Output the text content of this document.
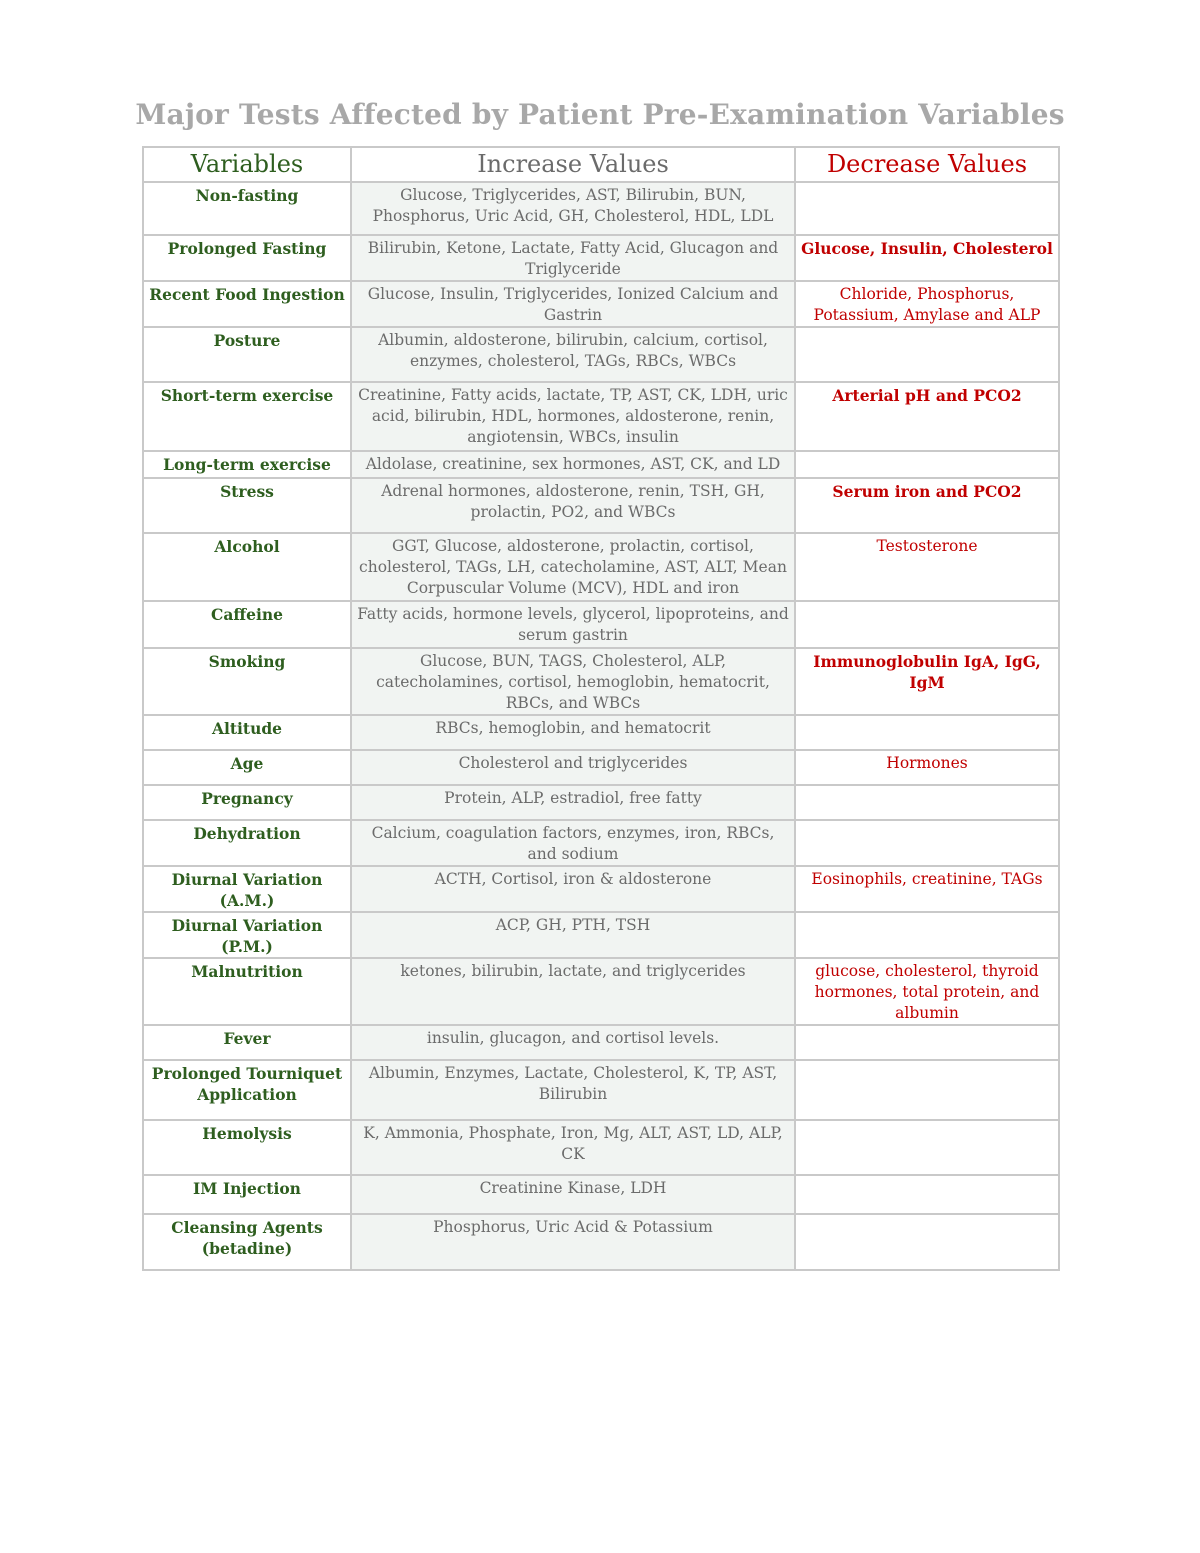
Major Tests Affected by Patient Pre-Examination Variables
Variables	Increase Values	Decrease Values
Non-fasting	Glucose, Triglycerides, AST, Bilirubin, BUN, Phosphorus, Uric Acid, GH, Cholesterol, HDL, LDL	
Prolonged Fasting	Bilirubin, Ketone, Lactate, Fatty Acid, Glucagon and Triglyceride	Glucose, Insulin, Cholesterol
Recent Food Ingestion	Glucose, Insulin, Triglycerides, Ionized Calcium and Gastrin	Chloride, Phosphorus, Potassium, Amylase and ALP
Posture	Albumin, aldosterone, bilirubin, calcium, cortisol, enzymes, cholesterol, TAGs, RBCs, WBCs	
Short-term exercise	Creatinine, Fatty acids, lactate, TP, AST, CK, LDH, uric acid, bilirubin, HDL, hormones, aldosterone, renin, angiotensin, WBCs, insulin	Arterial pH and PCO2
Long-term exercise	Aldolase, creatinine, sex hormones, AST, CK, and LD	
Stress	Adrenal hormones, aldosterone, renin, TSH, GH, prolactin, PO2, and WBCs	Serum iron and PCO2
Alcohol	GGT, Glucose, aldosterone, prolactin, cortisol, cholesterol, TAGs, LH, catecholamine, AST, ALT, Mean Corpuscular Volume (MCV), HDL and iron	Testosterone
Caffeine	Fatty acids, hormone levels, glycerol, lipoproteins, and serum gastrin	
Smoking	Glucose, BUN, TAGS, Cholesterol, ALP, catecholamines, cortisol, hemoglobin, hematocrit, RBCs, and WBCs	Immunoglobulin IgA, IgG, IgM
Altitude	RBCs, hemoglobin, and hematocrit	
Age	Cholesterol and triglycerides	Hormones
Pregnancy	Protein, ALP, estradiol, free fatty	
Dehydration	Calcium, coagulation factors, enzymes, iron, RBCs, and sodium	
Diurnal Variation (A.M.)	ACTH, Cortisol, iron & aldosterone	Eosinophils, creatinine, TAGs
Diurnal Variation (P.M.)	ACP, GH, PTH, TSH	
Malnutrition	ketones, bilirubin, lactate, and triglycerides	glucose, cholesterol, thyroid hormones, total protein, and albumin
Fever	insulin, glucagon, and cortisol levels.	
Prolonged Tourniquet Application	Albumin, Enzymes, Lactate, Cholesterol, K, TP, AST, Bilirubin	
Hemolysis	K, Ammonia, Phosphate, Iron, Mg, ALT, AST, LD, ALP, CK	
IM Injection	Creatinine Kinase, LDH	
Cleansing Agents (betadine)	Phosphorus, Uric Acid & Potassium	
